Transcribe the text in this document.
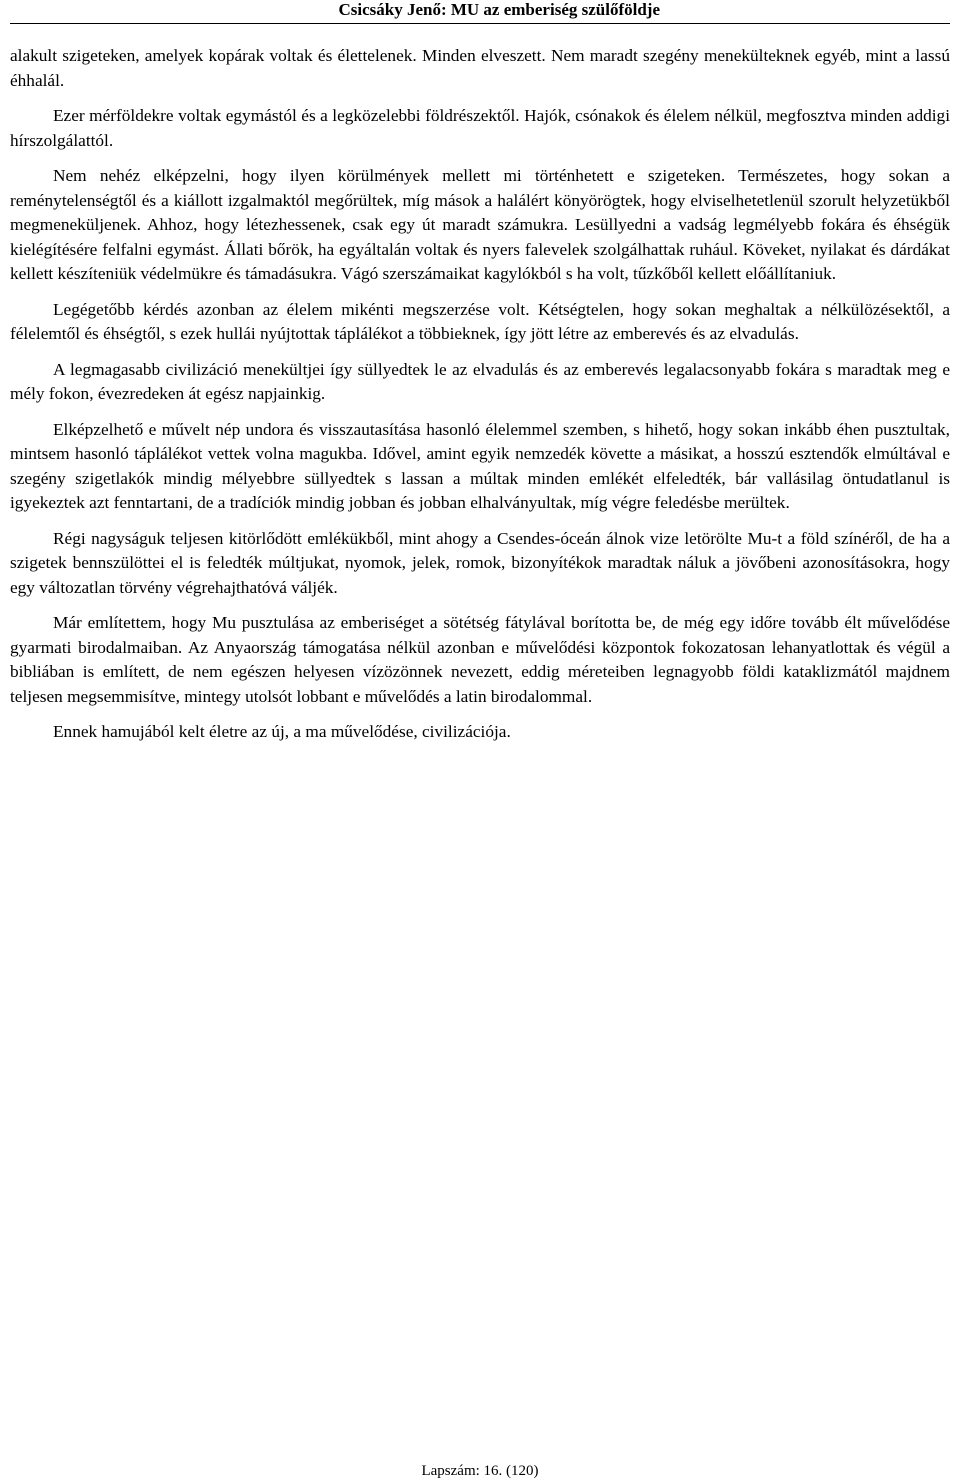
Csicsáky Jenő: MU az emberiség szülőföldje

alakult szigeteken, amelyek kopárak voltak és élettelenek. Minden elveszett. Nem maradt szegény menekülteknek egyéb, mint a lassú éhhalál.

Ezer mérföldekre voltak egymástól és a legközelebbi földrészektől. Hajók, csónakok és élelem nélkül, megfosztva minden addigi hírszolgálattól.

Nem nehéz elképzelni, hogy ilyen körülmények mellett mi történhetett e szigeteken. Természetes, hogy sokan a reménytelenségtől és a kiállott izgalmaktól megőrültek, míg mások a halálért könyörögtek, hogy elviselhetetlenül szorult helyzetükből megmeneküljenek. Ahhoz, hogy létezhessenek, csak egy út maradt számukra. Lesüllyedni a vadság legmélyebb fokára és éhségük kielégítésére felfalni egymást. Állati bőrök, ha egyáltalán voltak és nyers falevelek szolgálhattak ruhául. Köveket, nyilakat és dárdákat kellett készíteniük védelmükre és támadásukra. Vágó szerszámaikat kagylókból s ha volt, tűzkőből kellett előállítaniuk.

Legégetőbb kérdés azonban az élelem mikénti megszerzése volt. Kétségtelen, hogy sokan meghaltak a nélkülözésektől, a félelemtől és éhségtől, s ezek hullái nyújtottak táplálékot a többieknek, így jött létre az emberevés és az elvadulás.

A legmagasabb civilizáció menekültjei így süllyedtek le az elvadulás és az emberevés legalacsonyabb fokára s maradtak meg e mély fokon, évezredeken át egész napjainkig.

Elképzelhető e művelt nép undora és visszautasítása hasonló élelemmel szemben, s hihető, hogy sokan inkább éhen pusztultak, mintsem hasonló táplálékot vettek volna magukba. Idővel, amint egyik nemzedék követte a másikat, a hosszú esztendők elmúltával e szegény szigetlakók mindig mélyebbre süllyedtek s lassan a múltak minden emlékét elfeledték, bár vallásilag öntudatlanul is igyekeztek azt fenntartani, de a tradíciók mindig jobban és jobban elhalványultak, míg végre feledésbe merültek.

Régi nagyságuk teljesen kitörlődött emlékükből, mint ahogy a Csendes-óceán álnok vize letörölte Mu-t a föld színéről, de ha a szigetek bennszülöttei el is feledték múltjukat, nyomok, jelek, romok, bizonyítékok maradtak náluk a jövőbeni azonosításokra, hogy egy változatlan törvény végrehajthatóvá váljék.

Már említettem, hogy Mu pusztulása az emberiséget a sötétség fátylával borította be, de még egy időre tovább élt művelődése gyarmati birodalmaiban. Az Anyaország támogatása nélkül azonban e művelődési központok fokozatosan lehanyatlottak és végül a bibliában is említett, de nem egészen helyesen vízözönnek nevezett, eddig méreteiben legnagyobb földi kataklizmától majdnem teljesen megsemmisítve, mintegy utolsót lobbant e művelődés a latin birodalommal.

Ennek hamujából kelt életre az új, a ma művelődése, civilizációja.

Lapszám: 16. (120)
